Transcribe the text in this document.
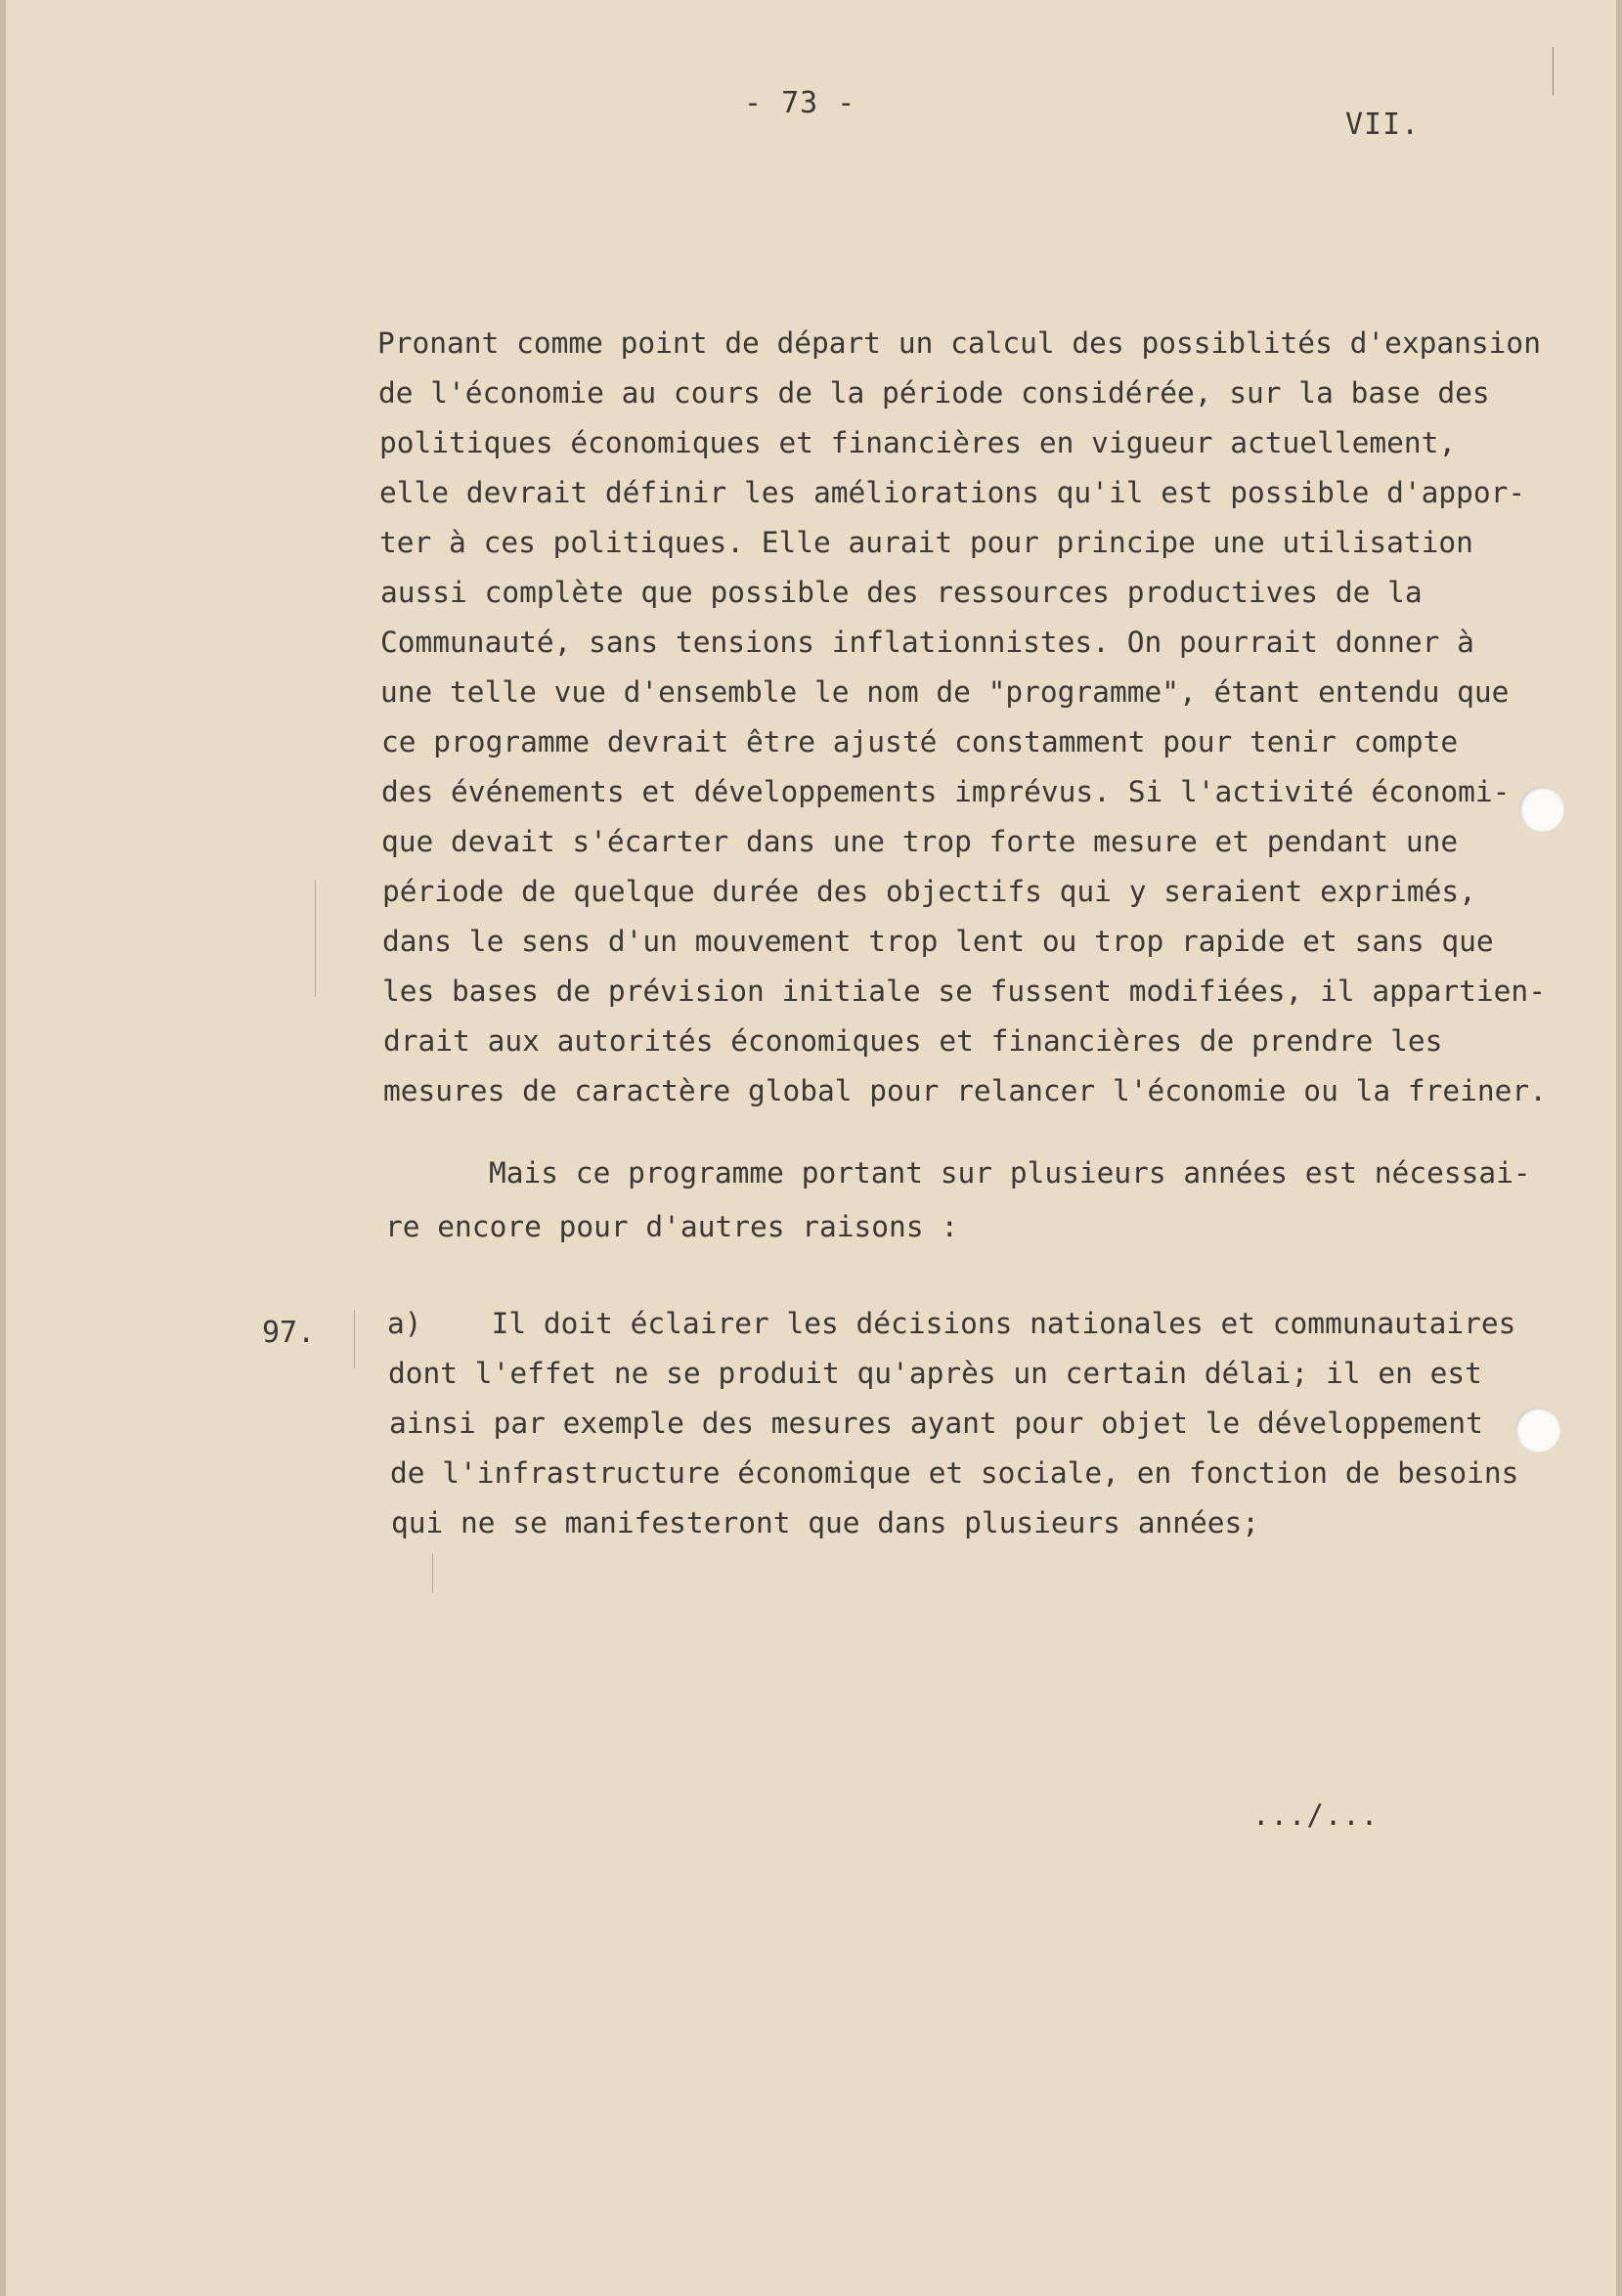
- 73 -
VII.
Pronant comme point de départ un calcul des possiblités d'expansion
de l'économie au cours de la période considérée, sur la base des
politiques économiques et financières en vigueur actuellement,
elle devrait définir les améliorations qu'il est possible d'appor-
ter à ces politiques. Elle aurait pour principe une utilisation
aussi complète que possible des ressources productives de la
Communauté, sans tensions inflationnistes. On pourrait donner à
une telle vue d'ensemble le nom de "programme", étant entendu que
ce programme devrait être ajusté constamment pour tenir compte
des événements et développements imprévus. Si l'activité économi-
que devait s'écarter dans une trop forte mesure et pendant une
période de quelque durée des objectifs qui y seraient exprimés,
dans le sens d'un mouvement trop lent ou trop rapide et sans que
les bases de prévision initiale se fussent modifiées, il appartien-
drait aux autorités économiques et financières de prendre les
mesures de caractère global pour relancer l'économie ou la freiner.
Mais ce programme portant sur plusieurs années est nécessai-
re encore pour d'autres raisons :
97.	a)    Il doit éclairer les décisions nationales et communautaires
dont l'effet ne se produit qu'après un certain délai; il en est
ainsi par exemple des mesures ayant pour objet le développement
de l'infrastructure économique et sociale, en fonction de besoins
qui ne se manifesteront que dans plusieurs années;
.../...
